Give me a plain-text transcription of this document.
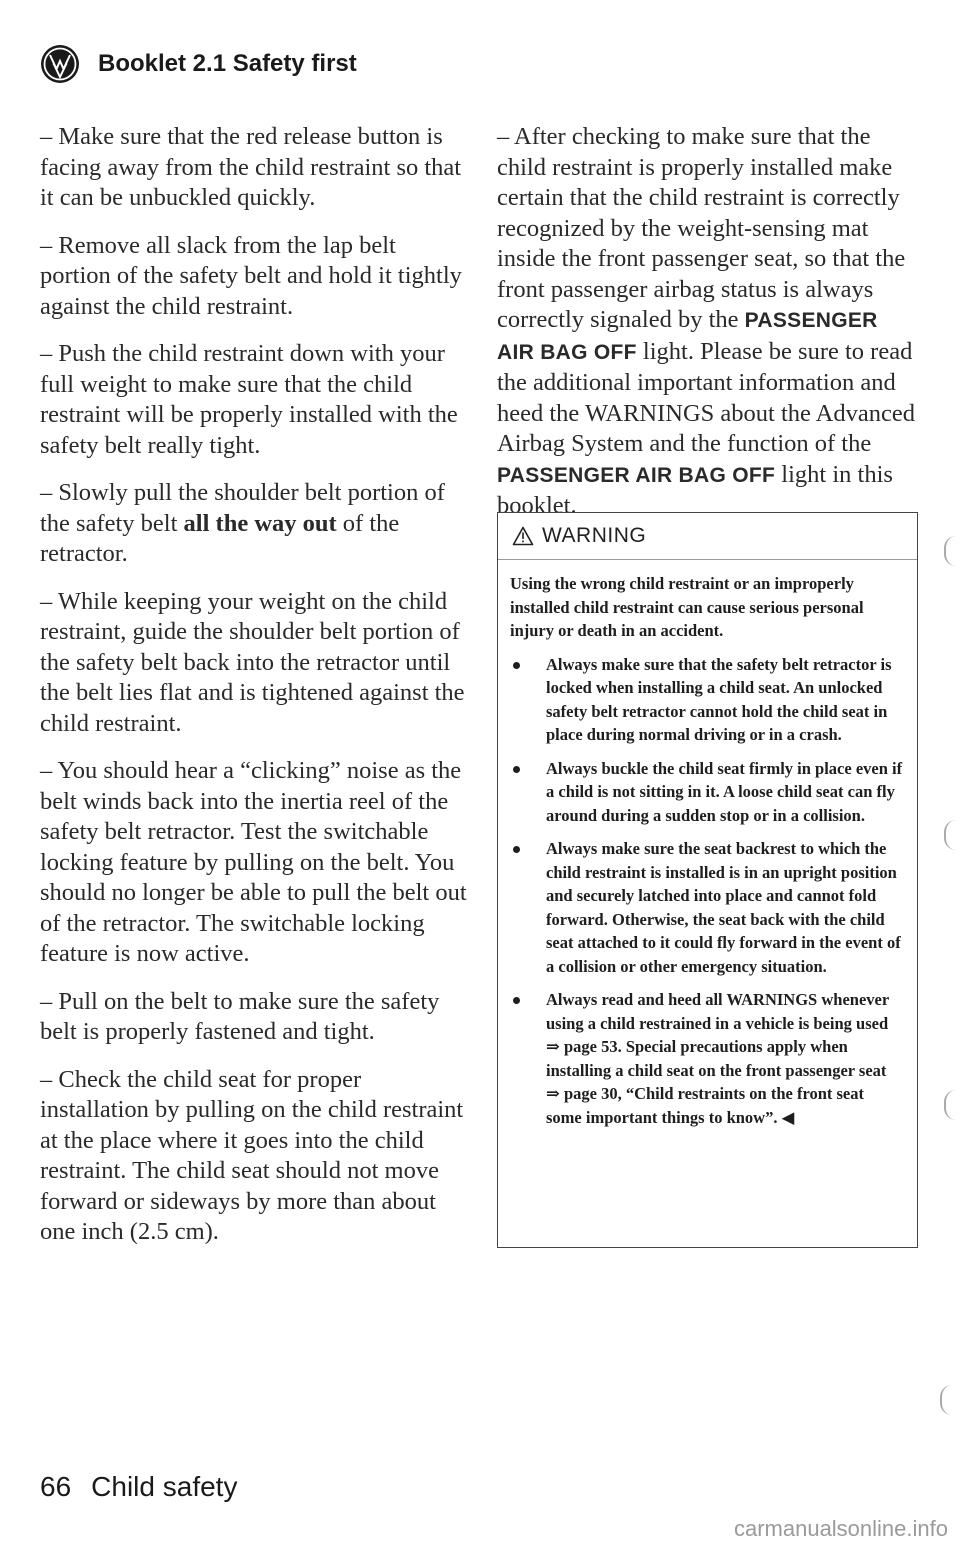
Booklet 2.1 Safety first

– Make sure that the red release button is facing away from the child restraint so that it can be unbuckled quickly.

– Remove all slack from the lap belt portion of the safety belt and hold it tightly against the child restraint.

– Push the child restraint down with your full weight to make sure that the child restraint will be properly installed with the safety belt really tight.

– Slowly pull the shoulder belt portion of the safety belt all the way out of the retractor.

– While keeping your weight on the child restraint, guide the shoulder belt portion of the safety belt back into the retractor until the belt lies flat and is tightened against the child restraint.

– You should hear a “clicking” noise as the belt winds back into the inertia reel of the safety belt retractor. Test the switchable locking feature by pulling on the belt. You should no longer be able to pull the belt out of the retractor. The switchable locking feature is now active.

– Pull on the belt to make sure the safety belt is properly fastened and tight.

– Check the child seat for proper installation by pulling on the child restraint at the place where it goes into the child restraint. The child seat should not move forward or sideways by more than about one inch (2.5 cm).

– After checking to make sure that the child restraint is properly installed make certain that the child restraint is correctly recognized by the weight-sensing mat inside the front passenger seat, so that the front passenger airbag status is always correctly signaled by the PASSENGER AIR BAG OFF light. Please be sure to read the additional important information and heed the WARNINGS about the Advanced Airbag System and the function of the PASSENGER AIR BAG OFF light in this booklet.

WARNING

Using the wrong child restraint or an improperly installed child restraint can cause serious personal injury or death in an accident.

Always make sure that the safety belt retractor is locked when installing a child seat. An unlocked safety belt retractor cannot hold the child seat in place during normal driving or in a crash.
Always buckle the child seat firmly in place even if a child is not sitting in it. A loose child seat can fly around during a sudden stop or in a collision.
Always make sure the seat backrest to which the child restraint is installed is in an upright position and securely latched into place and cannot fold forward. Otherwise, the seat back with the child seat attached to it could fly forward in the event of a collision or other emergency situation.
Always read and heed all WARNINGS whenever using a child restrained in a vehicle is being used ⇒ page 53. Special precautions apply when installing a child seat on the front passenger seat ⇒ page 30, “Child restraints on the front seat some important things to know”. ◀
66 Child safety
carmanualsonline.info
